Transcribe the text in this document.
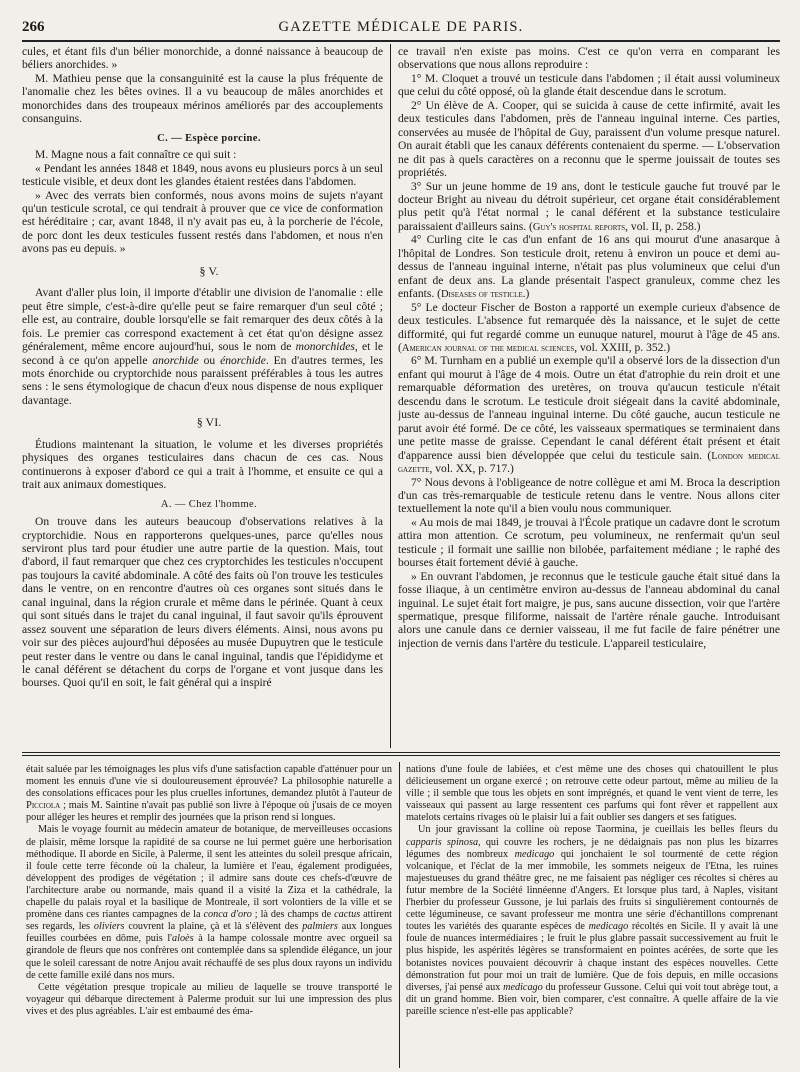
266	GAZETTE MÉDICALE DE PARIS.

cules, et étant fils d'un bélier monorchide, a donné naissance à beaucoup de béliers anorchides. »

M. Mathieu pense que la consanguinité est la cause la plus fréquente de l'anomalie chez les bêtes ovines. Il a vu beaucoup de mâles anorchides et monorchides dans des troupeaux mérinos améliorés par des accouplements consanguins.

C. — Espèce porcine.

M. Magne nous a fait connaître ce qui suit :

« Pendant les années 1848 et 1849, nous avons eu plusieurs porcs à un seul testicule visible, et deux dont les glandes étaient restées dans l'abdomen.

» Avec des verrats bien conformés, nous avons moins de sujets n'ayant qu'un testicule scrotal, ce qui tendrait à prouver que ce vice de conformation est héréditaire ; car, avant 1848, il n'y avait pas eu, à la porcherie de l'école, de porc dont les deux testicules fussent restés dans l'abdomen, et nous n'en avons pas eu depuis. »

§ V.

Avant d'aller plus loin, il importe d'établir une division de l'anomalie : elle peut être simple, c'est-à-dire qu'elle peut se faire remarquer d'un seul côté ; elle est, au contraire, double lorsqu'elle se fait remarquer des deux côtés à la fois. Le premier cas correspond exactement à cet état qu'on désigne assez généralement, même encore aujourd'hui, sous le nom de monorchides, et le second à ce qu'on appelle anorchide ou énorchide. En d'autres termes, les mots énorchide ou cryptorchide nous paraissent préférables à tous les autres sens : le sens étymologique de chacun d'eux nous dispense de nous expliquer davantage.

§ VI.

Étudions maintenant la situation, le volume et les diverses propriétés physiques des organes testiculaires dans chacun de ces cas. Nous continuerons à exposer d'abord ce qui a trait à l'homme, et ensuite ce qui a trait aux animaux domestiques.

A. — Chez l'homme.

On trouve dans les auteurs beaucoup d'observations relatives à la cryptorchidie. Nous en rapporterons quelques-unes, parce qu'elles nous serviront plus tard pour étudier une autre partie de la question. Mais, tout d'abord, il faut remarquer que chez ces cryptorchides les testicules n'occupent pas toujours la cavité abdominale. A côté des faits où l'on trouve les testicules dans le ventre, on en rencontre d'autres où ces organes sont situés dans le canal inguinal, dans la région crurale et même dans le périnée. Quant à ceux qui sont situés dans le trajet du canal inguinal, il faut savoir qu'ils éprouvent assez souvent une séparation de leurs divers éléments. Ainsi, nous avons pu voir sur des pièces aujourd'hui déposées au musée Dupuytren que le testicule peut rester dans le ventre ou dans le canal inguinal, tandis que l'épididyme et le canal déférent se détachent du corps de l'organe et vont jusque dans les bourses. Quoi qu'il en soit, le fait général qui a inspiré

ce travail n'en existe pas moins. C'est ce qu'on verra en comparant les observations que nous allons reproduire :

1° M. Cloquet a trouvé un testicule dans l'abdomen ; il était aussi volumineux que celui du côté opposé, où la glande était descendue dans le scrotum.

2° Un élève de A. Cooper, qui se suicida à cause de cette infirmité, avait les deux testicules dans l'abdomen, près de l'anneau inguinal interne. Ces parties, conservées au musée de l'hôpital de Guy, paraissent d'un volume presque naturel. On aurait établi que les canaux déférents contenaient du sperme. — L'observation ne dit pas à quels caractères on a reconnu que le sperme jouissait de toutes ses propriétés.

3° Sur un jeune homme de 19 ans, dont le testicule gauche fut trouvé par le docteur Bright au niveau du détroit supérieur, cet organe était considérablement plus petit qu'à l'état normal ; le canal déférent et la substance testiculaire paraissaient d'ailleurs sains. (Guy's hospital reports, vol. II, p. 258.)

4° Curling cite le cas d'un enfant de 16 ans qui mourut d'une anasarque à l'hôpital de Londres. Son testicule droit, retenu à environ un pouce et demi au-dessus de l'anneau inguinal interne, n'était pas plus volumineux que celui d'un enfant de deux ans. La glande présentait l'aspect granuleux, comme chez les enfants. (Diseases of testicle.)

5° Le docteur Fischer de Boston a rapporté un exemple curieux d'absence de deux testicules. L'absence fut remarquée dès la naissance, et le sujet de cette difformité, qui fut regardé comme un eunuque naturel, mourut à l'âge de 45 ans. (American journal of the medical sciences, vol. XXIII, p. 352.)

6° M. Turnham en a publié un exemple qu'il a observé lors de la dissection d'un enfant qui mourut à l'âge de 4 mois. Outre un état d'atrophie du rein droit et une remarquable déformation des uretères, on trouva qu'aucun testicule n'était descendu dans le scrotum. Le testicule droit siégeait dans la cavité abdominale, juste au-dessus de l'anneau inguinal interne. Du côté gauche, aucun testicule ne parut avoir été formé. De ce côté, les vaisseaux spermatiques se terminaient dans une petite masse de graisse. Cependant le canal déférent était présent et était d'apparence aussi bien développée que celui du testicule sain. (London medical gazette, vol. XX, p. 717.)

7° Nous devons à l'obligeance de notre collègue et ami M. Broca la description d'un cas très-remarquable de testicule retenu dans le ventre. Nous allons citer textuellement la note qu'il a bien voulu nous communiquer.

« Au mois de mai 1849, je trouvai à l'École pratique un cadavre dont le scrotum attira mon attention. Ce scrotum, peu volumineux, ne renfermait qu'un seul testicule ; il formait une saillie non bilobée, parfaitement médiane ; le raphé des bourses était fortement dévié à gauche.

» En ouvrant l'abdomen, je reconnus que le testicule gauche était situé dans la fosse iliaque, à un centimètre environ au-dessus de l'anneau abdominal du canal inguinal. Le sujet était fort maigre, je pus, sans aucune dissection, voir que l'artère spermatique, presque filiforme, naissait de l'artère rénale gauche. Introduisant alors une canule dans ce dernier vaisseau, il me fut facile de faire pénétrer une injection de vernis dans l'artère du testicule. L'appareil testiculaire,

était saluée par les témoignages les plus vifs d'une satisfaction capable d'atténuer pour un moment les ennuis d'une vie si douloureusement éprouvée? La philosophie naturelle a des consolations efficaces pour les plus cruelles infortunes, demandez plutôt à l'auteur de Picciola ; mais M. Saintine n'avait pas publié son livre à l'époque où j'usais de ce moyen pour alléger les heures et remplir des journées que la prison rend si longues.

Mais le voyage fournit au médecin amateur de botanique, de merveilleuses occasions de plaisir, même lorsque la rapidité de sa course ne lui permet guère une herborisation méthodique. Il aborde en Sicile, à Palerme, il sent les atteintes du soleil presque africain, il foule cette terre féconde où la chaleur, la lumière et l'eau, également prodiguées, développent des prodiges de végétation ; il admire sans doute ces chefs-d'œuvre de l'architecture arabe ou normande, mais quand il a visité la Ziza et la cathédrale, la chapelle du palais royal et la basilique de Montreale, il sort volontiers de la ville et se promène dans ces riantes campagnes de la conca d'oro ; là des champs de cactus attirent ses regards, les oliviers couvrent la plaine, çà et là s'élèvent des palmiers aux longues feuilles courbées en dôme, puis l'aloès à la hampe colossale montre avec orgueil sa girandole de fleurs que nos confrères ont contemplée dans sa splendide élégance, un jour que le soleil caressant de notre Anjou avait réchauffé de ses plus doux rayons un individu de cette famille exilé dans nos murs.

Cette végétation presque tropicale au milieu de laquelle se trouve transporté le voyageur qui débarque directement à Palerme produit sur lui une impression des plus vives et des plus agréables. L'air est embaumé des éma-

nations d'une foule de labiées, et c'est même une des choses qui chatouillent le plus délicieusement un organe exercé ; on retrouve cette odeur partout, même au milieu de la ville ; il semble que tous les objets en sont imprégnés, et quand le vent vient de terre, les vaisseaux qui passent au large ressentent ces parfums qui font rêver et rappellent aux matelots certains rivages où le plaisir lui a fait oublier ses dangers et ses fatigues.

Un jour gravissant la colline où repose Taormina, je cueillais les belles fleurs du capparis spinosa, qui couvre les rochers, je ne dédaignais pas non plus les bizarres légumes des nombreux medicago qui jonchaient le sol tourmenté de cette région volcanique, et l'éclat de la mer immobile, les sommets neigeux de l'Etna, les ruines majestueuses du grand théâtre grec, ne me faisaient pas négliger ces récoltes si chères au futur membre de la Société linnéenne d'Angers. Et lorsque plus tard, à Naples, visitant l'herbier du professeur Gussone, je lui parlais des fruits si singulièrement contournés de cette légumineuse, ce savant professeur me montra une série d'échantillons comprenant toutes les variétés des quarante espèces de medicago récoltés en Sicile. Il y avait là une foule de nuances intermédiaires ; le fruit le plus glabre passait successivement au fruit le plus hispide, les aspérités légères se transformaient en pointes acérées, de sorte que les botanistes novices pouvaient découvrir à chaque instant des espèces nouvelles. Cette démonstration fut pour moi un trait de lumière. Que de fois depuis, en mille occasions diverses, j'ai pensé aux medicago du professeur Gussone. Celui qui voit tout abrège tout, a dit un grand homme. Bien voir, bien comparer, c'est connaître. A quelle affaire de la vie pareille science n'est-elle pas applicable?
